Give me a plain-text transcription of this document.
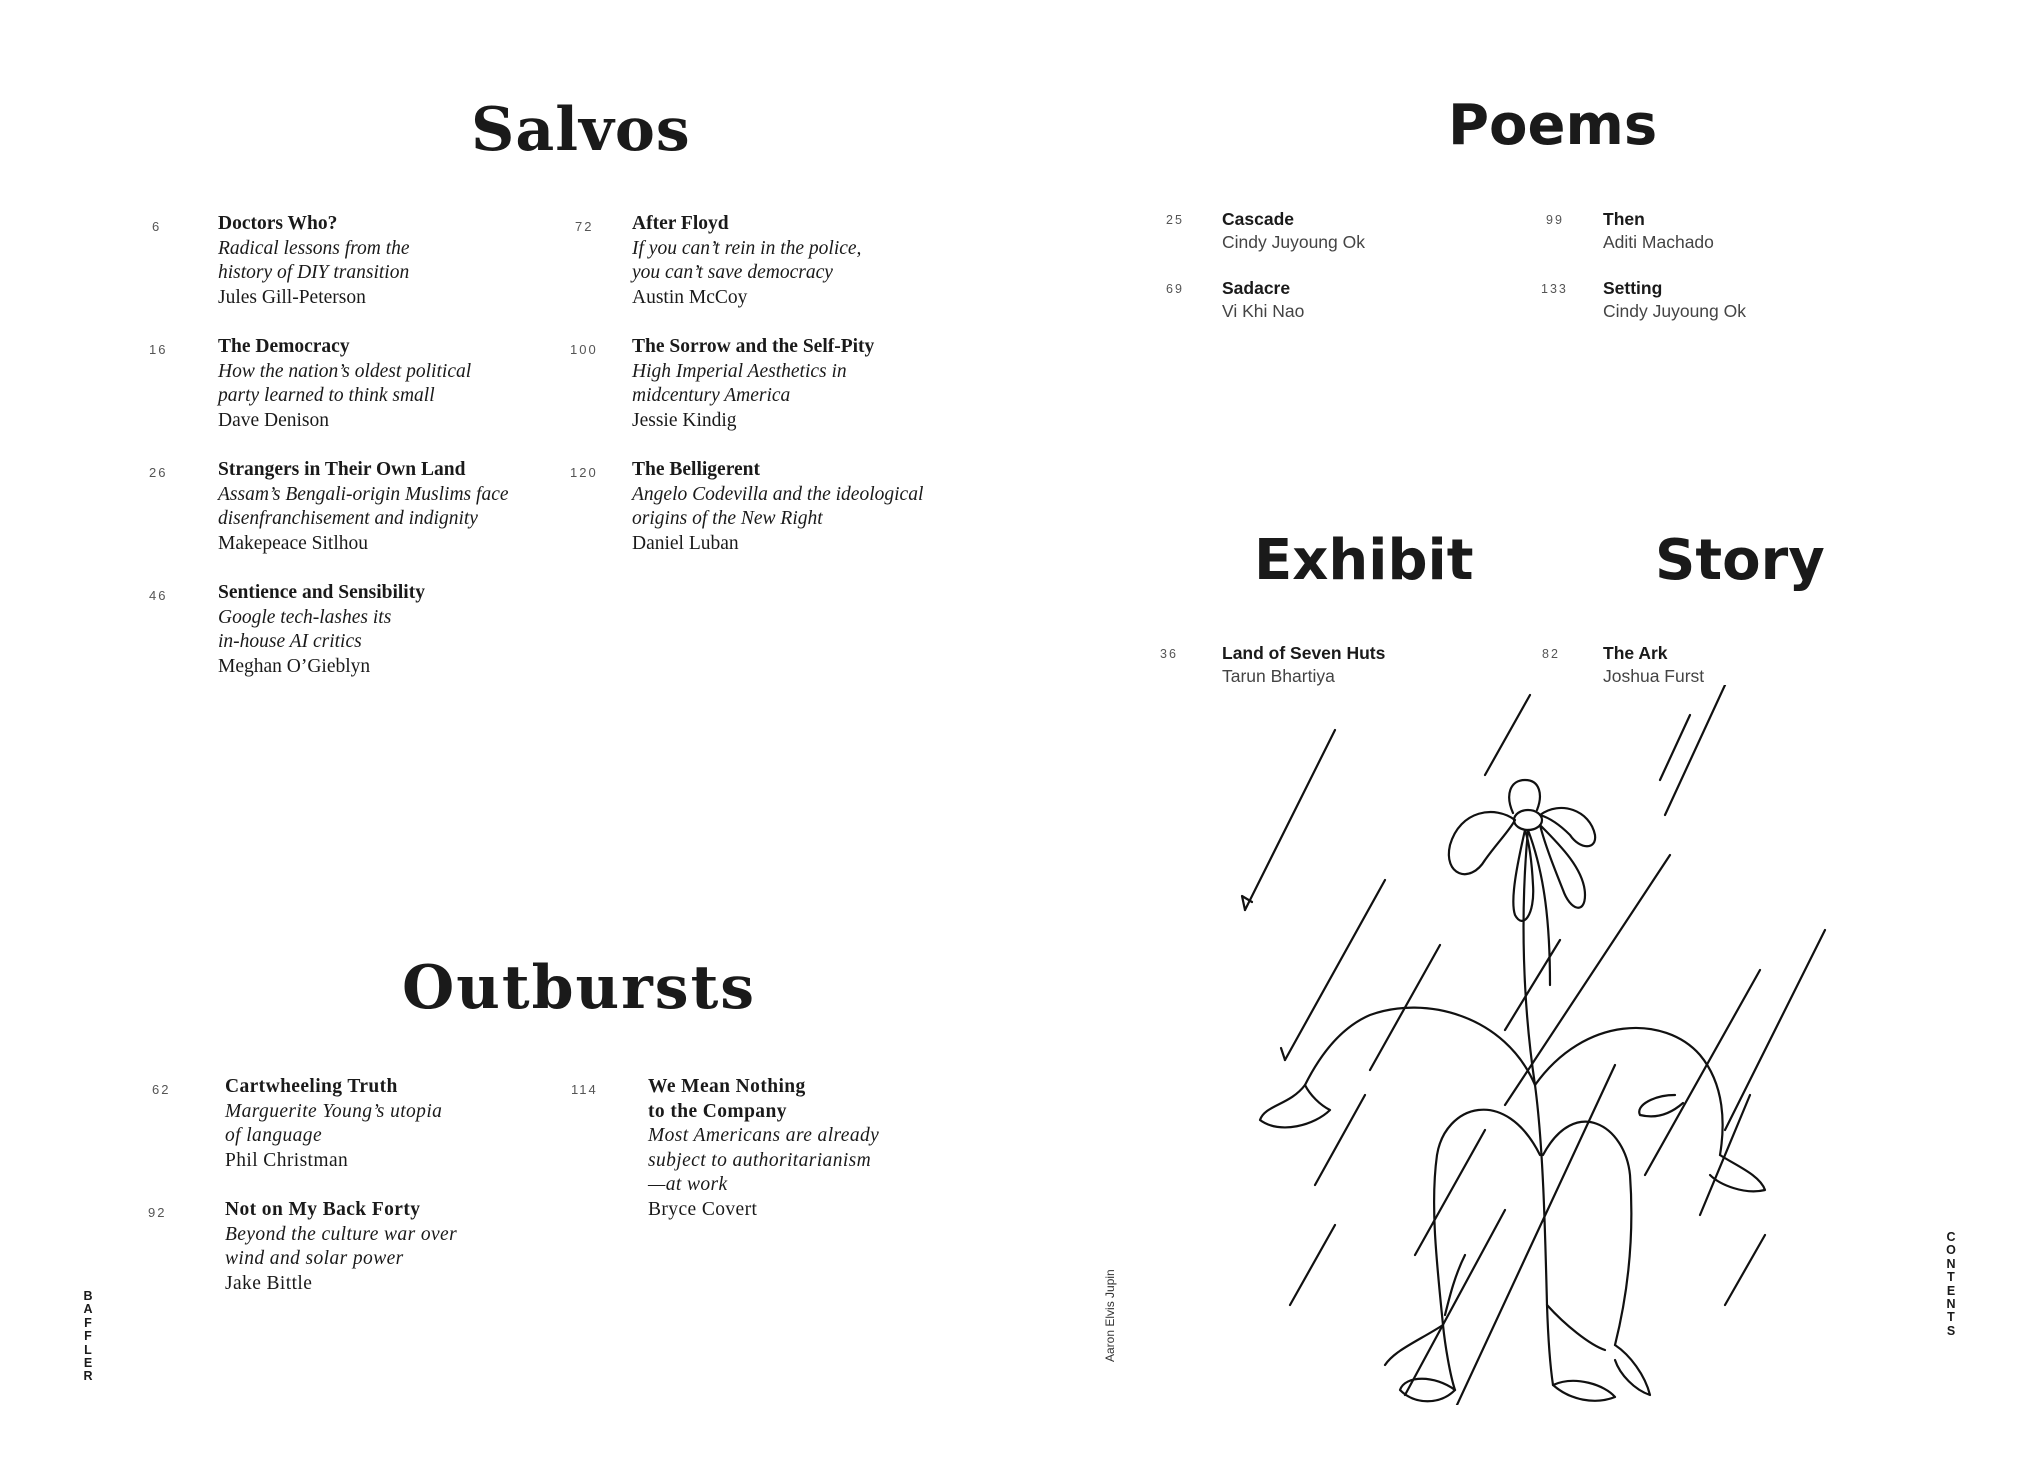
Salvos
6	Doctors Who?
Radical lessons from the
history of DIY transition
Jules Gill-Peterson
16	The Democracy
How the nation’s oldest political
party learned to think small
Dave Denison
26	Strangers in Their Own Land
Assam’s Bengali-origin Muslims face
disenfranchisement and indignity
Makepeace Sitlhou
46	Sentience and Sensibility
Google tech-lashes its
in-house AI critics
Meghan O’Gieblyn
72 After Floyd
If you can’t rein in the police,
you can’t save democracy
Austin McCoy
100 The Sorrow and the Self-Pity
High Imperial Aesthetics in
midcentury America
Jessie Kindig
120 The Belligerent
Angelo Codevilla and the ideological
origins of the New Right
Daniel Luban
Outbursts
62	Cartwheeling Truth
Marguerite Young’s utopia
of language
Phil Christman
92	Not on My Back Forty
Beyond the culture war over
wind and solar power
Jake Bittle
114	We Mean Nothing
to the Company
Most Americans are already
subject to authoritarianism
—at work
Bryce Covert
B
A
F
F
L
E
R
Poems
25 Cascade
Cindy Juyoung Ok
69 Sadacre
Vi Khi Nao
99 Then
Aditi Machado
133 Setting
Cindy Juyoung Ok
Exhibit	Story
36	Land of Seven Huts
Tarun Bhartiya
82 The Ark
Joshua Furst
Aaron Elvis Jupin
C
O
N
T
E
N
T
S
